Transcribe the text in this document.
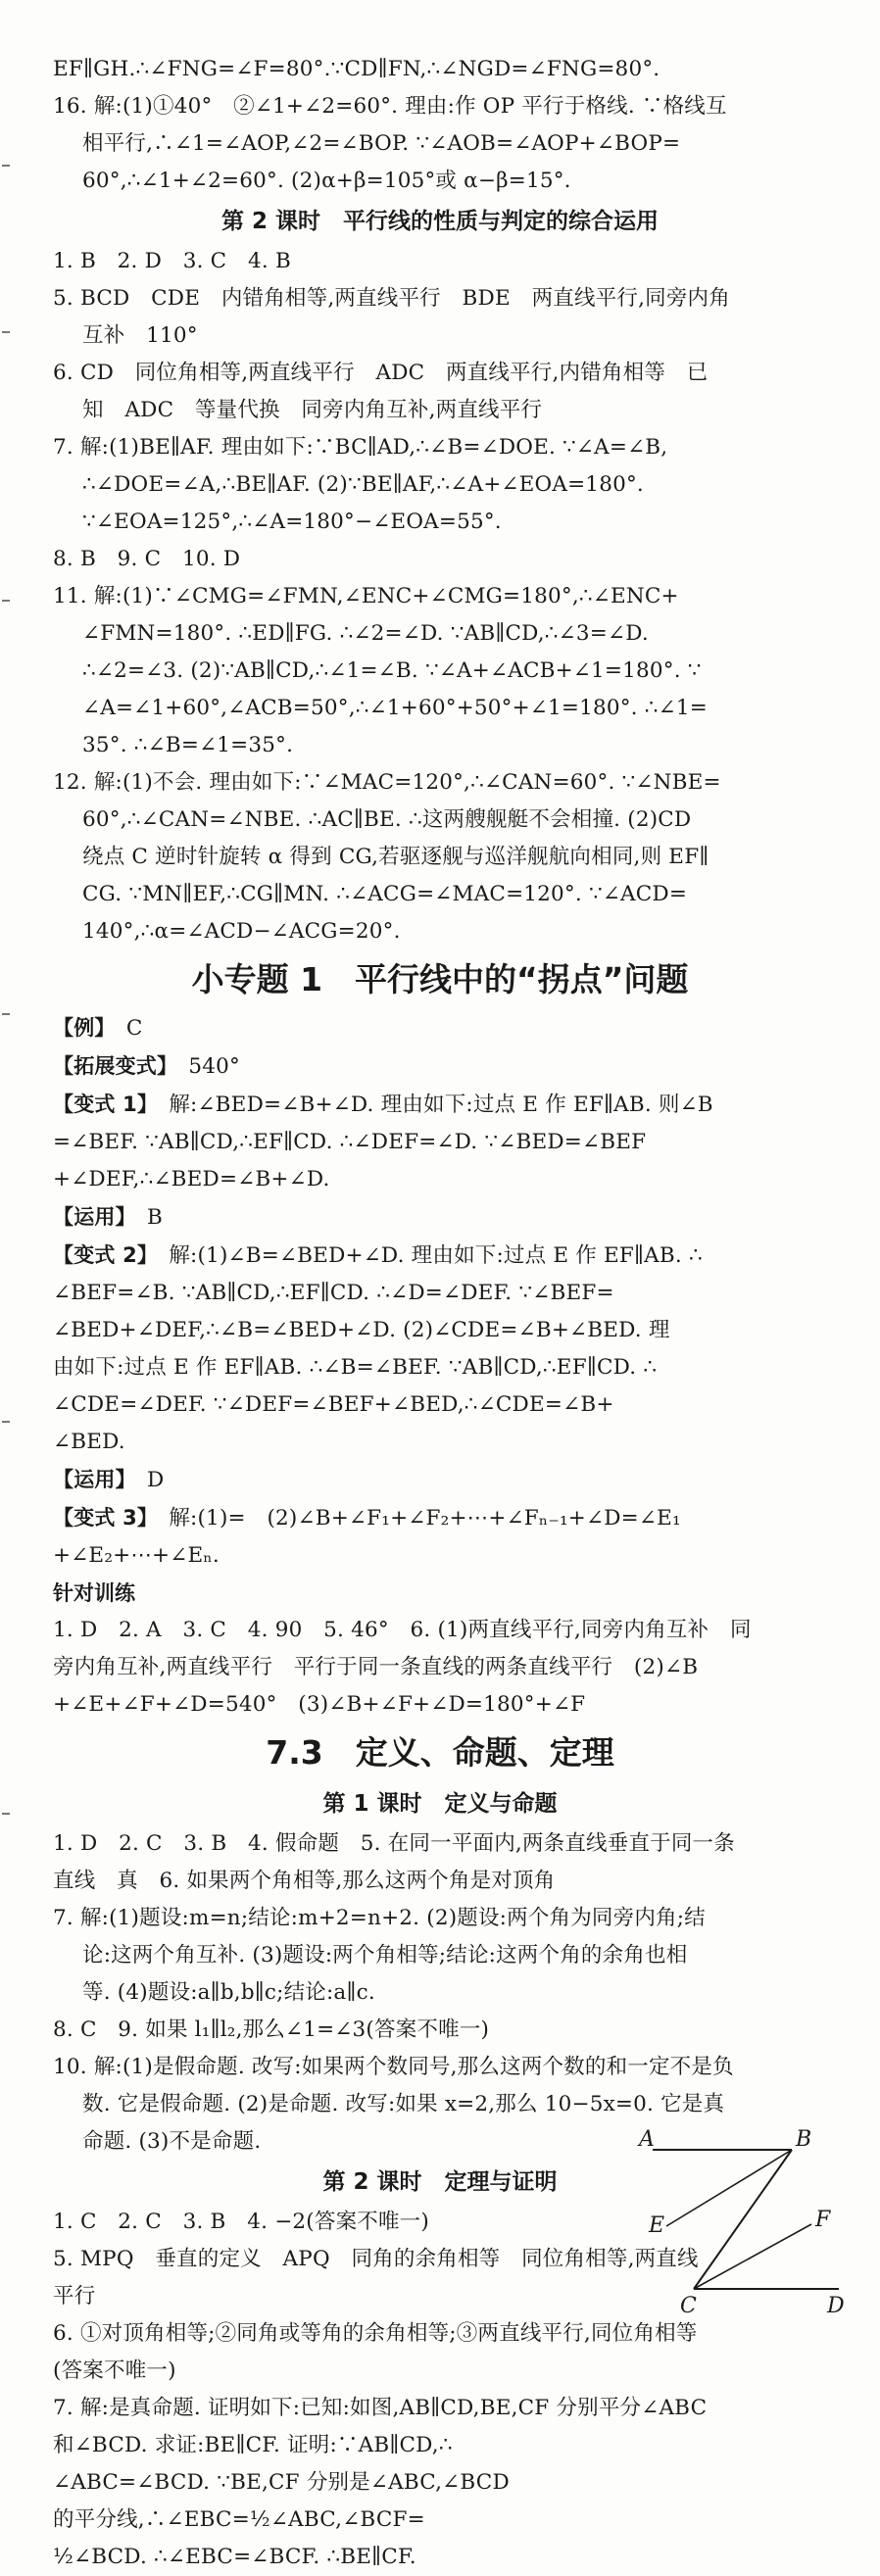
EF∥GH.∴∠FNG=∠F=80°.∵CD∥FN,∴∠NGD=∠FNG=80°.
16. 解:(1)①40°　②∠1+∠2=60°. 理由:作 OP 平行于格线. ∵格线互
相平行,∴∠1=∠AOP,∠2=∠BOP. ∵∠AOB=∠AOP+∠BOP=
60°,∴∠1+∠2=60°. (2)α+β=105°或 α−β=15°.
第 2 课时　平行线的性质与判定的综合运用
1. B　2. D　3. C　4. B
5. BCD　CDE　内错角相等,两直线平行　BDE　两直线平行,同旁内角
互补　110°
6. CD　同位角相等,两直线平行　ADC　两直线平行,内错角相等　已
知　ADC　等量代换　同旁内角互补,两直线平行
7. 解:(1)BE∥AF. 理由如下:∵BC∥AD,∴∠B=∠DOE. ∵∠A=∠B,
∴∠DOE=∠A,∴BE∥AF. (2)∵BE∥AF,∴∠A+∠EOA=180°.
∵∠EOA=125°,∴∠A=180°−∠EOA=55°.
8. B　9. C　10. D
11. 解:(1)∵∠CMG=∠FMN,∠ENC+∠CMG=180°,∴∠ENC+
∠FMN=180°. ∴ED∥FG. ∴∠2=∠D. ∵AB∥CD,∴∠3=∠D.
∴∠2=∠3. (2)∵AB∥CD,∴∠1=∠B. ∵∠A+∠ACB+∠1=180°. ∵
∠A=∠1+60°,∠ACB=50°,∴∠1+60°+50°+∠1=180°. ∴∠1=
35°. ∴∠B=∠1=35°.
12. 解:(1)不会. 理由如下:∵∠MAC=120°,∴∠CAN=60°. ∵∠NBE=
60°,∴∠CAN=∠NBE. ∴AC∥BE. ∴这两艘舰艇不会相撞. (2)CD
绕点 C 逆时针旋转 α 得到 CG,若驱逐舰与巡洋舰航向相同,则 EF∥
CG. ∵MN∥EF,∴CG∥MN. ∴∠ACG=∠MAC=120°. ∵∠ACD=
140°,∴α=∠ACD−∠ACG=20°.
小专题 1　平行线中的“拐点”问题
【例】　 C
【拓展变式】　 540°
【变式 1】　 解:∠BED=∠B+∠D. 理由如下:过点 E 作 EF∥AB. 则∠B
=∠BEF. ∵AB∥CD,∴EF∥CD. ∴∠DEF=∠D. ∵∠BED=∠BEF
+∠DEF,∴∠BED=∠B+∠D.
【运用】　 B
【变式 2】　 解:(1)∠B=∠BED+∠D. 理由如下:过点 E 作 EF∥AB. ∴
∠BEF=∠B. ∵AB∥CD,∴EF∥CD. ∴∠D=∠DEF. ∵∠BEF=
∠BED+∠DEF,∴∠B=∠BED+∠D. (2)∠CDE=∠B+∠BED. 理
由如下:过点 E 作 EF∥AB. ∴∠B=∠BEF. ∵AB∥CD,∴EF∥CD. ∴
∠CDE=∠DEF. ∵∠DEF=∠BEF+∠BED,∴∠CDE=∠B+
∠BED.
【运用】　 D
【变式 3】　 解:(1)=　(2)∠B+∠F₁+∠F₂+⋯+∠Fₙ₋₁+∠D=∠E₁
+∠E₂+⋯+∠Eₙ.
针对训练
1. D　2. A　3. C　4. 90　5. 46°　6. (1)两直线平行,同旁内角互补　同
旁内角互补,两直线平行　平行于同一条直线的两条直线平行　(2)∠B
+∠E+∠F+∠D=540°　(3)∠B+∠F+∠D=180°+∠F
7.3　定义、命题、定理
第 1 课时　定义与命题
1. D　2. C　3. B　4. 假命题　5. 在同一平面内,两条直线垂直于同一条
直线　真　6. 如果两个角相等,那么这两个角是对顶角
7. 解:(1)题设:m=n;结论:m+2=n+2. (2)题设:两个角为同旁内角;结
论:这两个角互补. (3)题设:两个角相等;结论:这两个角的余角也相
等. (4)题设:a∥b,b∥c;结论:a∥c.
8. C　9. 如果 l₁∥l₂,那么∠1=∠3(答案不唯一)
10. 解:(1)是假命题. 改写:如果两个数同号,那么这两个数的和一定不是负
数. 它是假命题. (2)是命题. 改写:如果 x=2,那么 10−5x=0. 它是真
命题. (3)不是命题.
第 2 课时　定理与证明
1. C　2. C　3. B　4. −2(答案不唯一)
5. MPQ　垂直的定义　APQ　同角的余角相等　同位角相等,两直线
平行
6. ①对顶角相等;②同角或等角的余角相等;③两直线平行,同位角相等
(答案不唯一)
7. 解:是真命题. 证明如下:已知:如图,AB∥CD,BE,CF 分别平分∠ABC
和∠BCD. 求证:BE∥CF. 证明:∵AB∥CD,∴
∠ABC=∠BCD. ∵BE,CF 分别是∠ABC,∠BCD
的平分线,∴∠EBC=½∠ABC,∠BCF=
½∠BCD. ∴∠EBC=∠BCF. ∴BE∥CF.
A	B
E	F
C	D
